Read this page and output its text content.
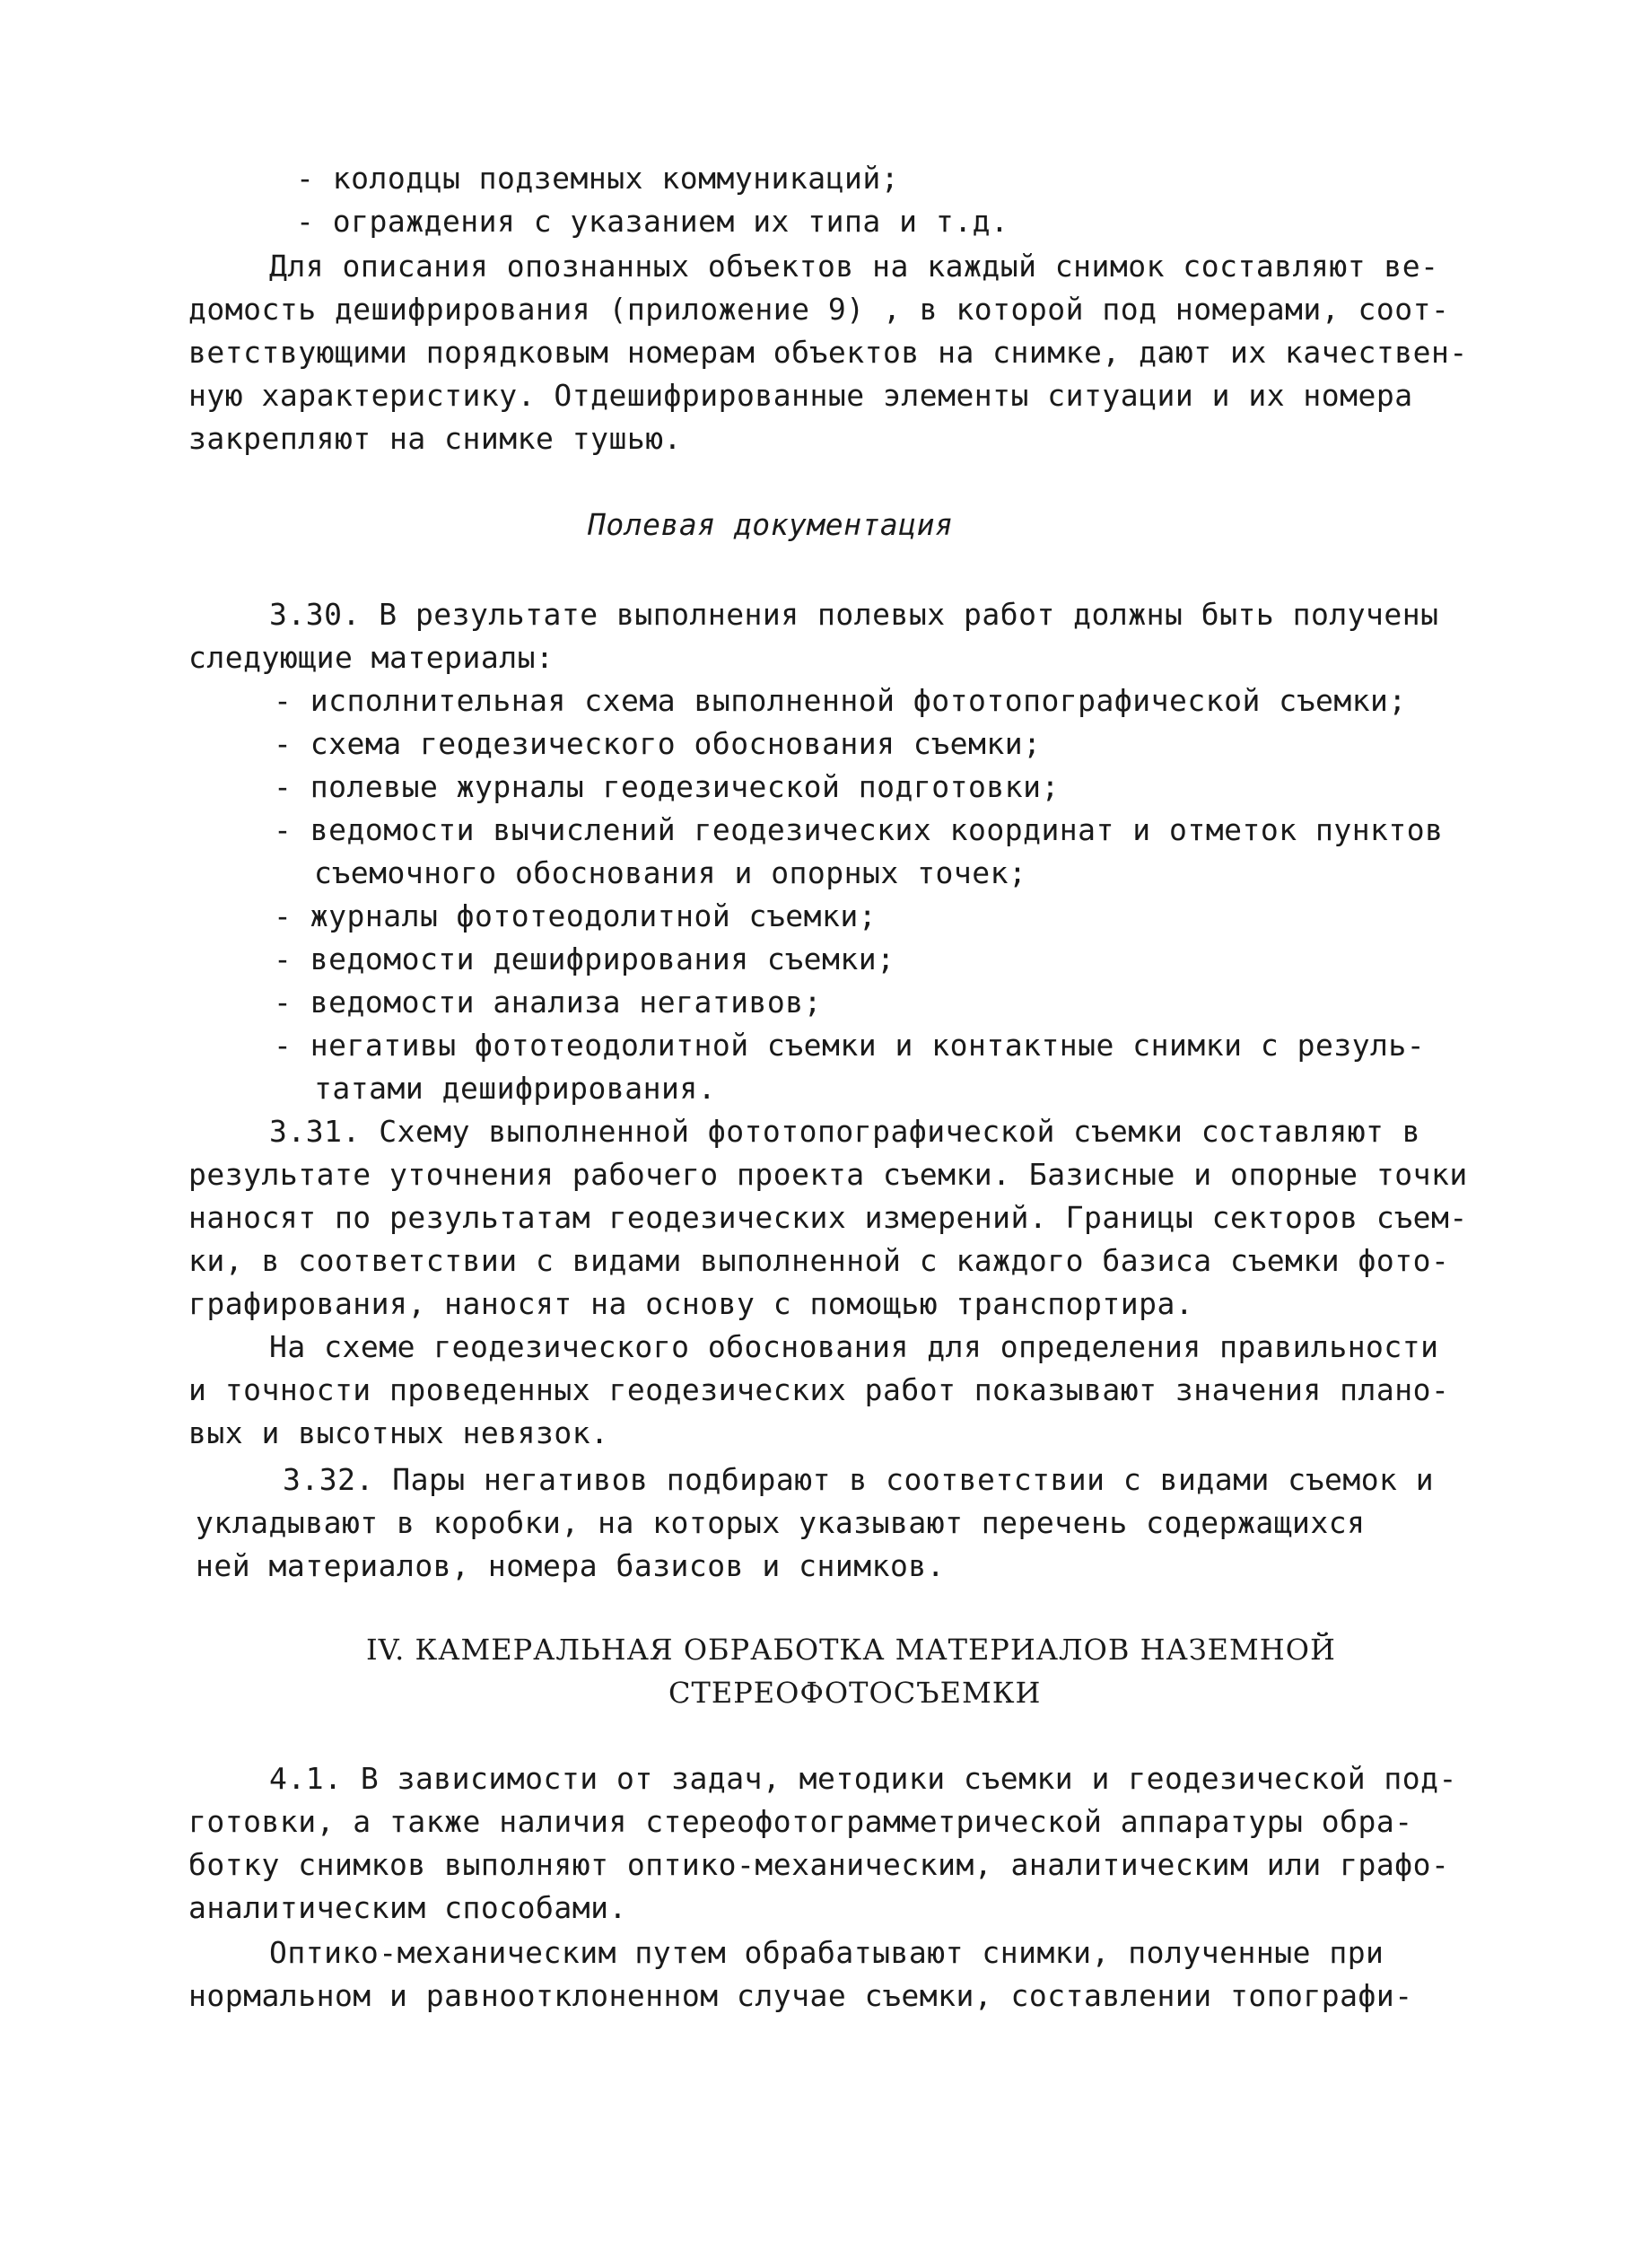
- колодцы подземных коммуникаций;
- ограждения с указанием их типа и т.д.
Для описания опознанных объектов на каждый снимок составляют ве-
домость дешифрирования (приложение 9) , в которой под номерами, соот-
ветствующими порядковым номерам объектов на снимке, дают их качествен-
ную характеристику. Отдешифрированные элементы ситуации и их номера
закрепляют на снимке тушью.
Полевая документация
3.30. В результате выполнения полевых работ должны быть получены
следующие материалы:
- исполнительная схема выполненной фототопографической съемки;
- схема геодезического обоснования съемки;
- полевые журналы геодезической подготовки;
- ведомости вычислений геодезических координат и отметок пунктов
съемочного обоснования и опорных точек;
- журналы фототеодолитной съемки;
- ведомости дешифрирования съемки;
- ведомости анализа негативов;
- негативы фототеодолитной съемки и контактные снимки с резуль-
татами дешифрирования.
3.31. Схему выполненной фототопографической съемки составляют в
результате уточнения рабочего проекта съемки. Базисные и опорные точки
наносят по результатам геодезических измерений. Границы секторов съем-
ки, в соответствии с видами выполненной с каждого базиса съемки фото-
графирования, наносят на основу с помощью транспортира.
На схеме геодезического обоснования для определения правильности
и точности проведенных геодезических работ показывают значения плано-
вых и высотных невязок.
3.32. Пары негативов подбирают в соответствии с видами съемок и
укладывают в коробки, на которых указывают перечень содержащихся
ней материалов, номера базисов и снимков.
IV. КАМЕРАЛЬНАЯ ОБРАБОТКА МАТЕРИАЛОВ НАЗЕМНОЙ
СТЕРЕОФОТОСЪЕМКИ
4.1. В зависимости от задач, методики съемки и геодезической под-
готовки, а также наличия стереофотограмметрической аппаратуры обра-
ботку снимков выполняют оптико-механическим, аналитическим или графо-
аналитическим способами.
Оптико-механическим путем обрабатывают снимки, полученные при
нормальном и равноотклоненном случае съемки, составлении топографи-
